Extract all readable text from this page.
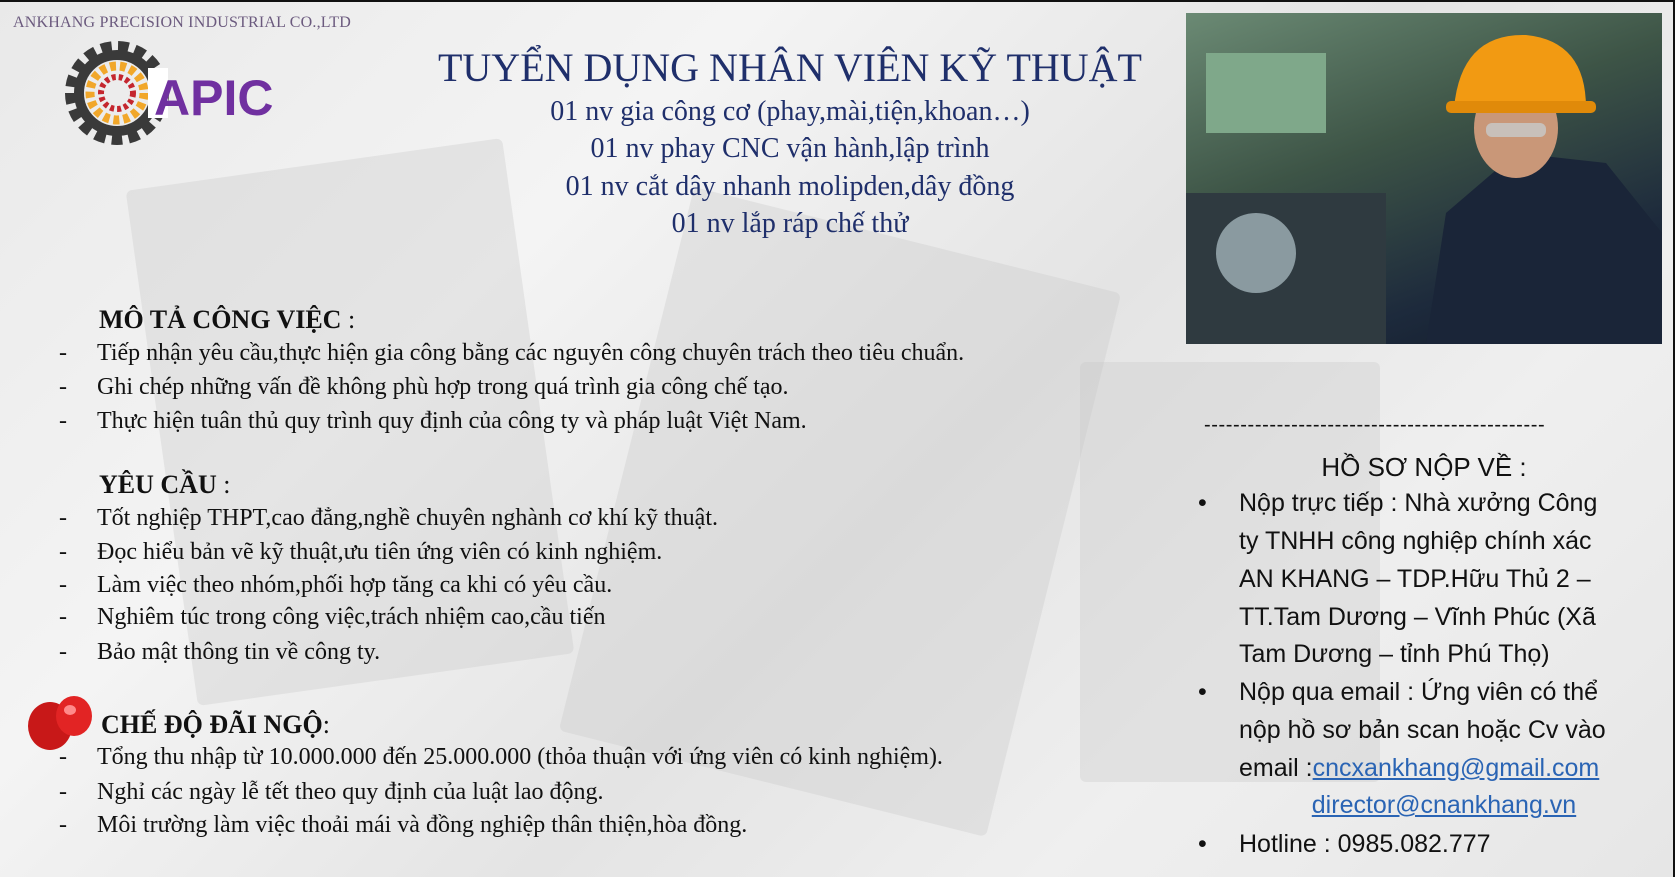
ANKHANG PRECISION INDUSTRIAL CO.,LTD
APIC
TUYỂN DỤNG NHÂN VIÊN KỸ THUẬT
01 nv gia công cơ (phay,mài,tiện,khoan…)
01 nv phay CNC vận hành,lập trình
01 nv cắt dây nhanh molipden,dây đồng
01 nv lắp ráp chế thử
MÔ TẢ CÔNG VIỆC :
- Tiếp nhận yêu cầu,thực hiện gia công bằng các nguyên công chuyên trách theo tiêu chuẩn.
- Ghi chép những vấn đề không phù hợp trong quá trình gia công chế tạo.
- Thực hiện tuân thủ quy trình quy định của công ty và pháp luật Việt Nam.
YÊU CẦU :
- Tốt nghiệp THPT,cao đẳng,nghề chuyên nghành cơ khí kỹ thuật.
- Đọc hiểu bản vẽ kỹ thuật,ưu tiên ứng viên có kinh nghiệm.
- Làm việc theo nhóm,phối hợp tăng ca khi có yêu cầu.
- Nghiêm túc trong công việc,trách nhiệm cao,cầu tiến
- Bảo mật thông tin về công ty.
CHẾ ĐỘ ĐÃI NGỘ:
- Tổng thu nhập từ 10.000.000 đến 25.000.000 (thỏa thuận với ứng viên có kinh nghiệm).
- Nghỉ các ngày lễ tết theo quy định của luật lao động.
- Môi trường làm việc thoải mái và đồng nghiệp thân thiện,hòa đồng.
-----------------------------------------------
HỒ SƠ NỘP VỀ :
• Nộp trực tiếp : Nhà xưởng Công
ty TNHH công nghiệp chính xác
AN KHANG – TDP.Hữu Thủ 2 –
TT.Tam Dương – Vĩnh Phúc (Xã
Tam Dương – tỉnh Phú Thọ)
• Nộp qua email : Ứng viên có thể
nộp hồ sơ bản scan hoặc Cv vào
email :cncxankhang@gmail.com
director@cnankhang.vn
• Hotline : 0985.082.777
